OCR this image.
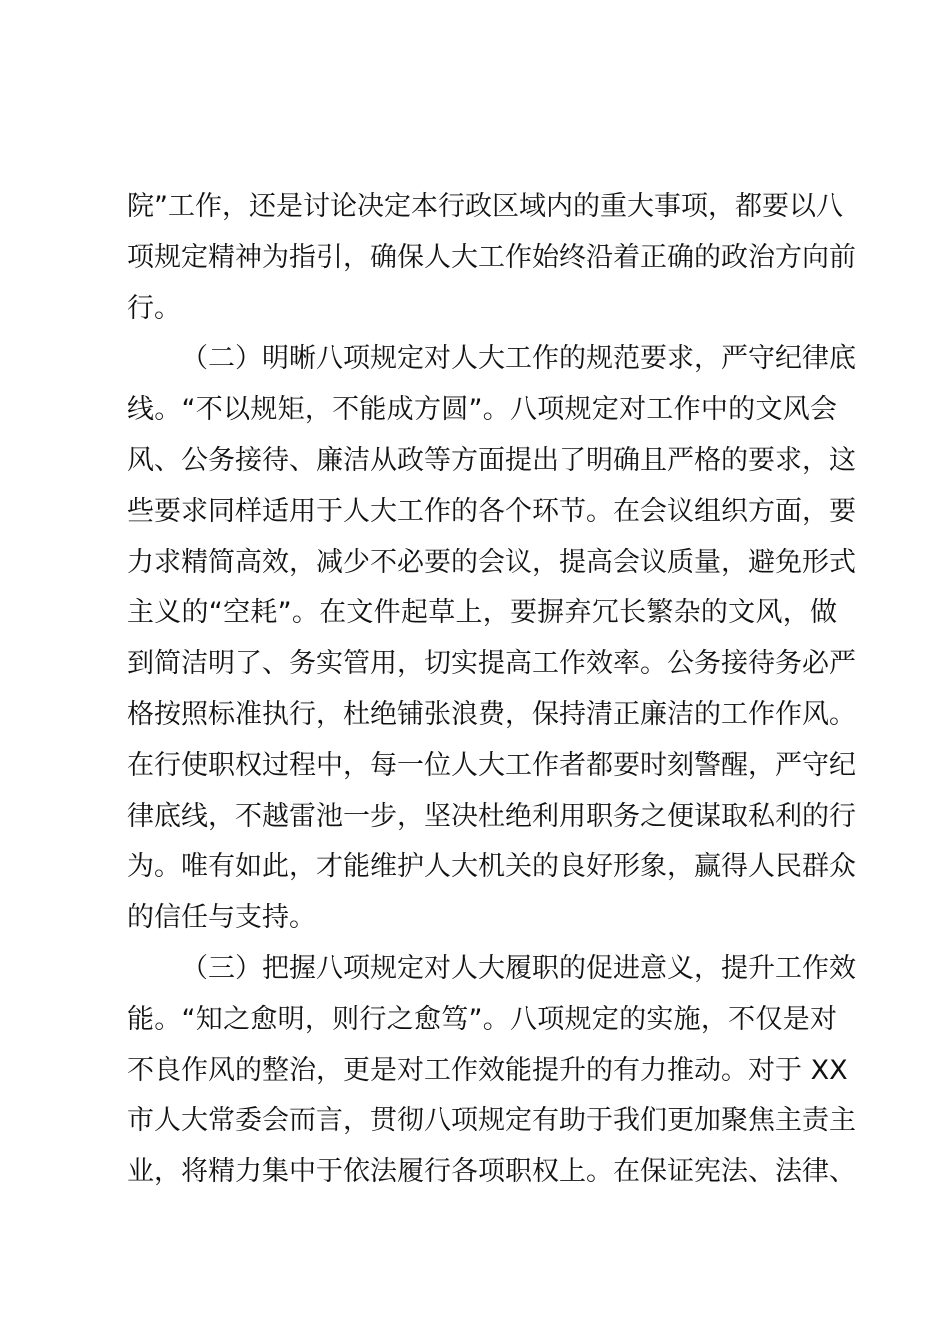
院”工作，还是讨论决定本行政区域内的重大事项，都要以八
项规定精神为指引，确保人大工作始终沿着正确的政治方向前
行。
（二）明晰八项规定对人大工作的规范要求，严守纪律底
线。“不以规矩，不能成方圆”。八项规定对工作中的文风会
风、公务接待、廉洁从政等方面提出了明确且严格的要求，这
些要求同样适用于人大工作的各个环节。在会议组织方面，要
力求精简高效，减少不必要的会议，提高会议质量，避免形式
主义的“空耗”。在文件起草上，要摒弃冗长繁杂的文风，做
到简洁明了、务实管用，切实提高工作效率。公务接待务必严
格按照标准执行，杜绝铺张浪费，保持清正廉洁的工作作风。
在行使职权过程中，每一位人大工作者都要时刻警醒，严守纪
律底线，不越雷池一步，坚决杜绝利用职务之便谋取私利的行
为。唯有如此，才能维护人大机关的良好形象，赢得人民群众
的信任与支持。
（三）把握八项规定对人大履职的促进意义，提升工作效
能。“知之愈明，则行之愈笃”。八项规定的实施，不仅是对
不良作风的整治，更是对工作效能提升的有力推动。对于 XX
市人大常委会而言，贯彻八项规定有助于我们更加聚焦主责主
业，将精力集中于依法履行各项职权上。在保证宪法、法律、
